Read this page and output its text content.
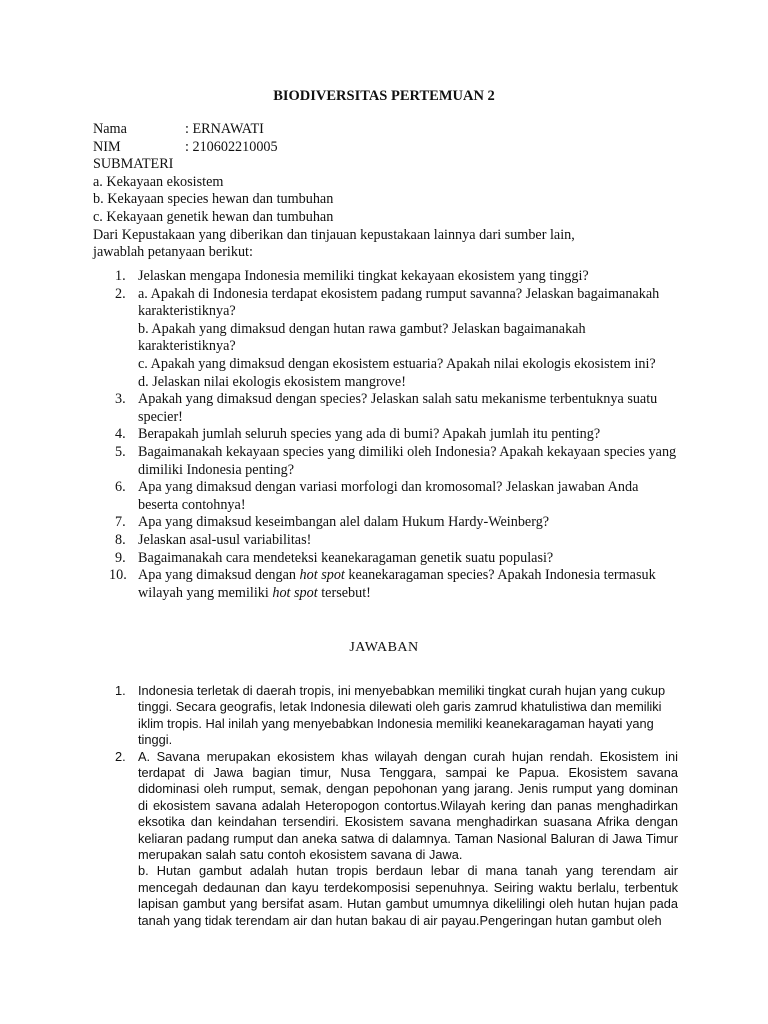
BIODIVERSITAS PERTEMUAN 2
Nama	: ERNAWATI
NIM	: 210602210005
SUBMATERI
a. Kekayaan ekosistem
b. Kekayaan species hewan dan tumbuhan
c. Kekayaan genetik hewan dan tumbuhan
Dari Kepustakaan yang diberikan dan tinjauan kepustakaan lainnya dari sumber lain,
jawablah petanyaan berikut:
1. Jelaskan mengapa Indonesia memiliki tingkat kekayaan ekosistem yang tinggi?
2. a. Apakah di Indonesia terdapat ekosistem padang rumput savanna? Jelaskan bagaimanakah karakteristiknya?
b. Apakah yang dimaksud dengan hutan rawa gambut? Jelaskan bagaimanakah karakteristiknya?
c. Apakah yang dimaksud dengan ekosistem estuaria? Apakah nilai ekologis ekosistem ini?
d. Jelaskan nilai ekologis ekosistem mangrove!
3. Apakah yang dimaksud dengan species? Jelaskan salah satu mekanisme terbentuknya suatu specier!
4. Berapakah jumlah seluruh species yang ada di bumi? Apakah jumlah itu penting?
5. Bagaimanakah kekayaan species yang dimiliki oleh Indonesia? Apakah kekayaan species yang dimiliki Indonesia penting?
6. Apa yang dimaksud dengan variasi morfologi dan kromosomal? Jelaskan jawaban Anda beserta contohnya!
7. Apa yang dimaksud keseimbangan alel dalam Hukum Hardy-Weinberg?
8. Jelaskan asal-usul variabilitas!
9. Bagaimanakah cara mendeteksi keanekaragaman genetik suatu populasi?
10. Apa yang dimaksud dengan hot spot keanekaragaman species? Apakah Indonesia termasuk wilayah yang memiliki hot spot tersebut!
JAWABAN
1. Indonesia terletak di daerah tropis, ini menyebabkan memiliki tingkat curah hujan yang cukup tinggi. Secara geografis, letak Indonesia dilewati oleh garis zamrud khatulistiwa dan memiliki iklim tropis. Hal inilah yang menyebabkan Indonesia memiliki keanekaragaman hayati yang tinggi.
2. A. Savana merupakan ekosistem khas wilayah dengan curah hujan rendah. Ekosistem ini terdapat di Jawa bagian timur, Nusa Tenggara, sampai ke Papua. Ekosistem savana didominasi oleh rumput, semak, dengan pepohonan yang jarang. Jenis rumput yang dominan di ekosistem savana adalah Heteropogon contortus.Wilayah kering dan panas menghadirkan eksotika dan keindahan tersendiri. Ekosistem savana menghadirkan suasana Afrika dengan keliaran padang rumput dan aneka satwa di dalamnya. Taman Nasional Baluran di Jawa Timur merupakan salah satu contoh ekosistem savana di Jawa.
b. Hutan gambut adalah hutan tropis berdaun lebar di mana tanah yang terendam air mencegah dedaunan dan kayu terdekomposisi sepenuhnya. Seiring waktu berlalu, terbentuk lapisan gambut yang bersifat asam. Hutan gambut umumnya dikelilingi oleh hutan hujan pada tanah yang tidak terendam air dan hutan bakau di air payau.Pengeringan hutan gambut oleh
